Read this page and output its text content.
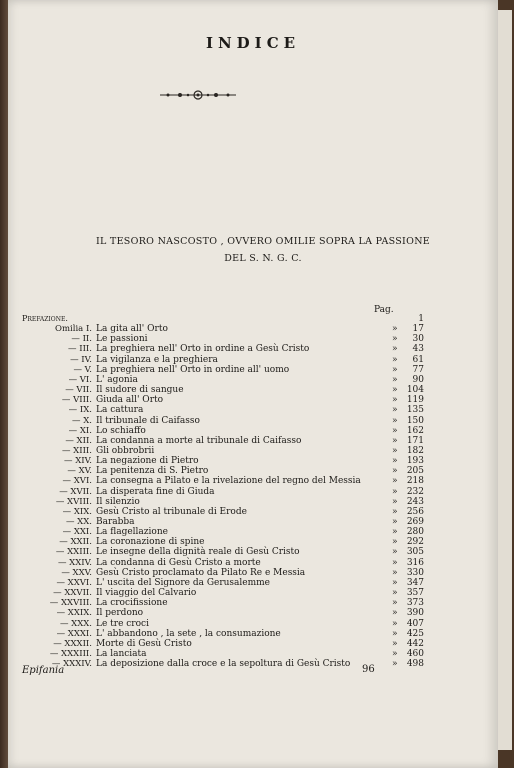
INDICE
IL TESORO NASCOSTO , OVVERO OMILIE SOPRA LA PASSIONE
DEL S. N. G. C.
Pag.
Prefazione.	1
Omilia I. La gita all' Orto	»	17
— II. Le passioni	»	30
— III. La preghiera nell' Orto in ordine a Gesù Cristo	»	43
— IV. La vigilanza e la preghiera	»	61
— V. La preghiera nell' Orto in ordine all' uomo	»	77
— VI. L' agonia	»	90
— VII. Il sudore di sangue	»	104
— VIII. Giuda all' Orto	»	119
— IX. La cattura	»	135
— X. Il tribunale di Caifasso	»	150
— XI. Lo schiaffo	»	162
— XII. La condanna a morte al tribunale di Caifasso	»	171
— XIII. Gli obbrobrii	»	182
— XIV. La negazione di Pietro	»	193
— XV. La penitenza di S. Pietro	»	205
— XVI. La consegna a Pilato e la rivelazione del regno del Messia	»	218
— XVII. La disperata fine di Giuda	»	232
— XVIII. Il silenzio	»	243
— XIX. Gesù Cristo al tribunale di Erode	»	256
— XX. Barabba	»	269
— XXI. La flagellazione	»	280
— XXII. La coronazione di spine	»	292
— XXIII. Le insegne della dignità reale di Gesù Cristo	»	305
— XXIV. La condanna di Gesù Cristo a morte	»	316
— XXV. Gesù Cristo proclamato da Pilato Re e Messia	»	330
— XXVI. L' uscita del Signore da Gerusalemme	»	347
— XXVII. Il viaggio del Calvario	»	357
— XXVIII. La crocifissione	»	373
— XXIX. Il perdono	»	390
— XXX. Le tre croci	»	407
— XXXI. L' abbandono , la sete , la consumazione	»	425
— XXXII. Morte di Gesù Cristo	»	442
— XXXIII. La lanciata	»	460
— XXXIV. La deposizione dalla croce e la sepoltura di Gesù Cristo	»	498
Epifania	96
